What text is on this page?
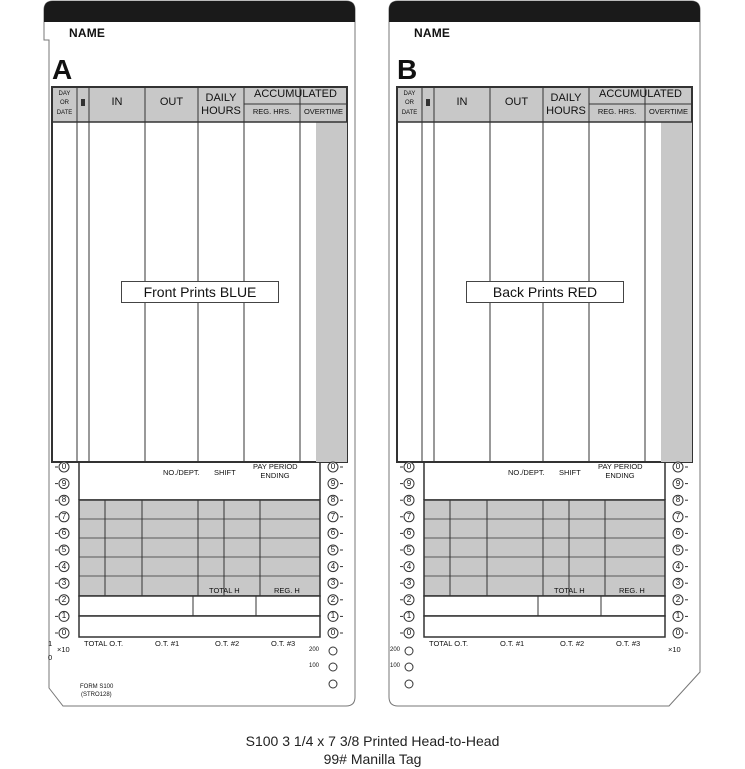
NAME
A
0	0
9	9
8	8
7	7
6	6
5	5
4	4
3	3
2	2
1	1
0	0
DAY
OR
DATE
IN	OUT	DAILY
HOURS
ACCUMULATED
REG. HRS.	OVERTIME
Front Prints BLUE
NO./DEPT. SHIFT
PAY PERIOD
ENDING
TOTAL H	REG. H
TOTAL O.T.	O.T. #1	O.T. #2	O.T. #3
×10	200
100
1
0
FORM S100
(STRO128)
NAME
B
0	0
9	9
8	8
7	7
6	6
5	5
4	4
3	3
2	2
1	1
0	0
DAY
OR
DATE
IN	OUT	DAILY
HOURS
ACCUMULATED
REG. HRS.	OVERTIME
Back Prints RED
NO./DEPT. SHIFT
PAY PERIOD
ENDING
TOTAL H	REG. H
TOTAL O.T.	O.T. #1	O.T. #2	O.T. #3
×10
200
100
S100 3 1/4 x 7 3/8 Printed Head-to-Head
99# Manilla Tag
